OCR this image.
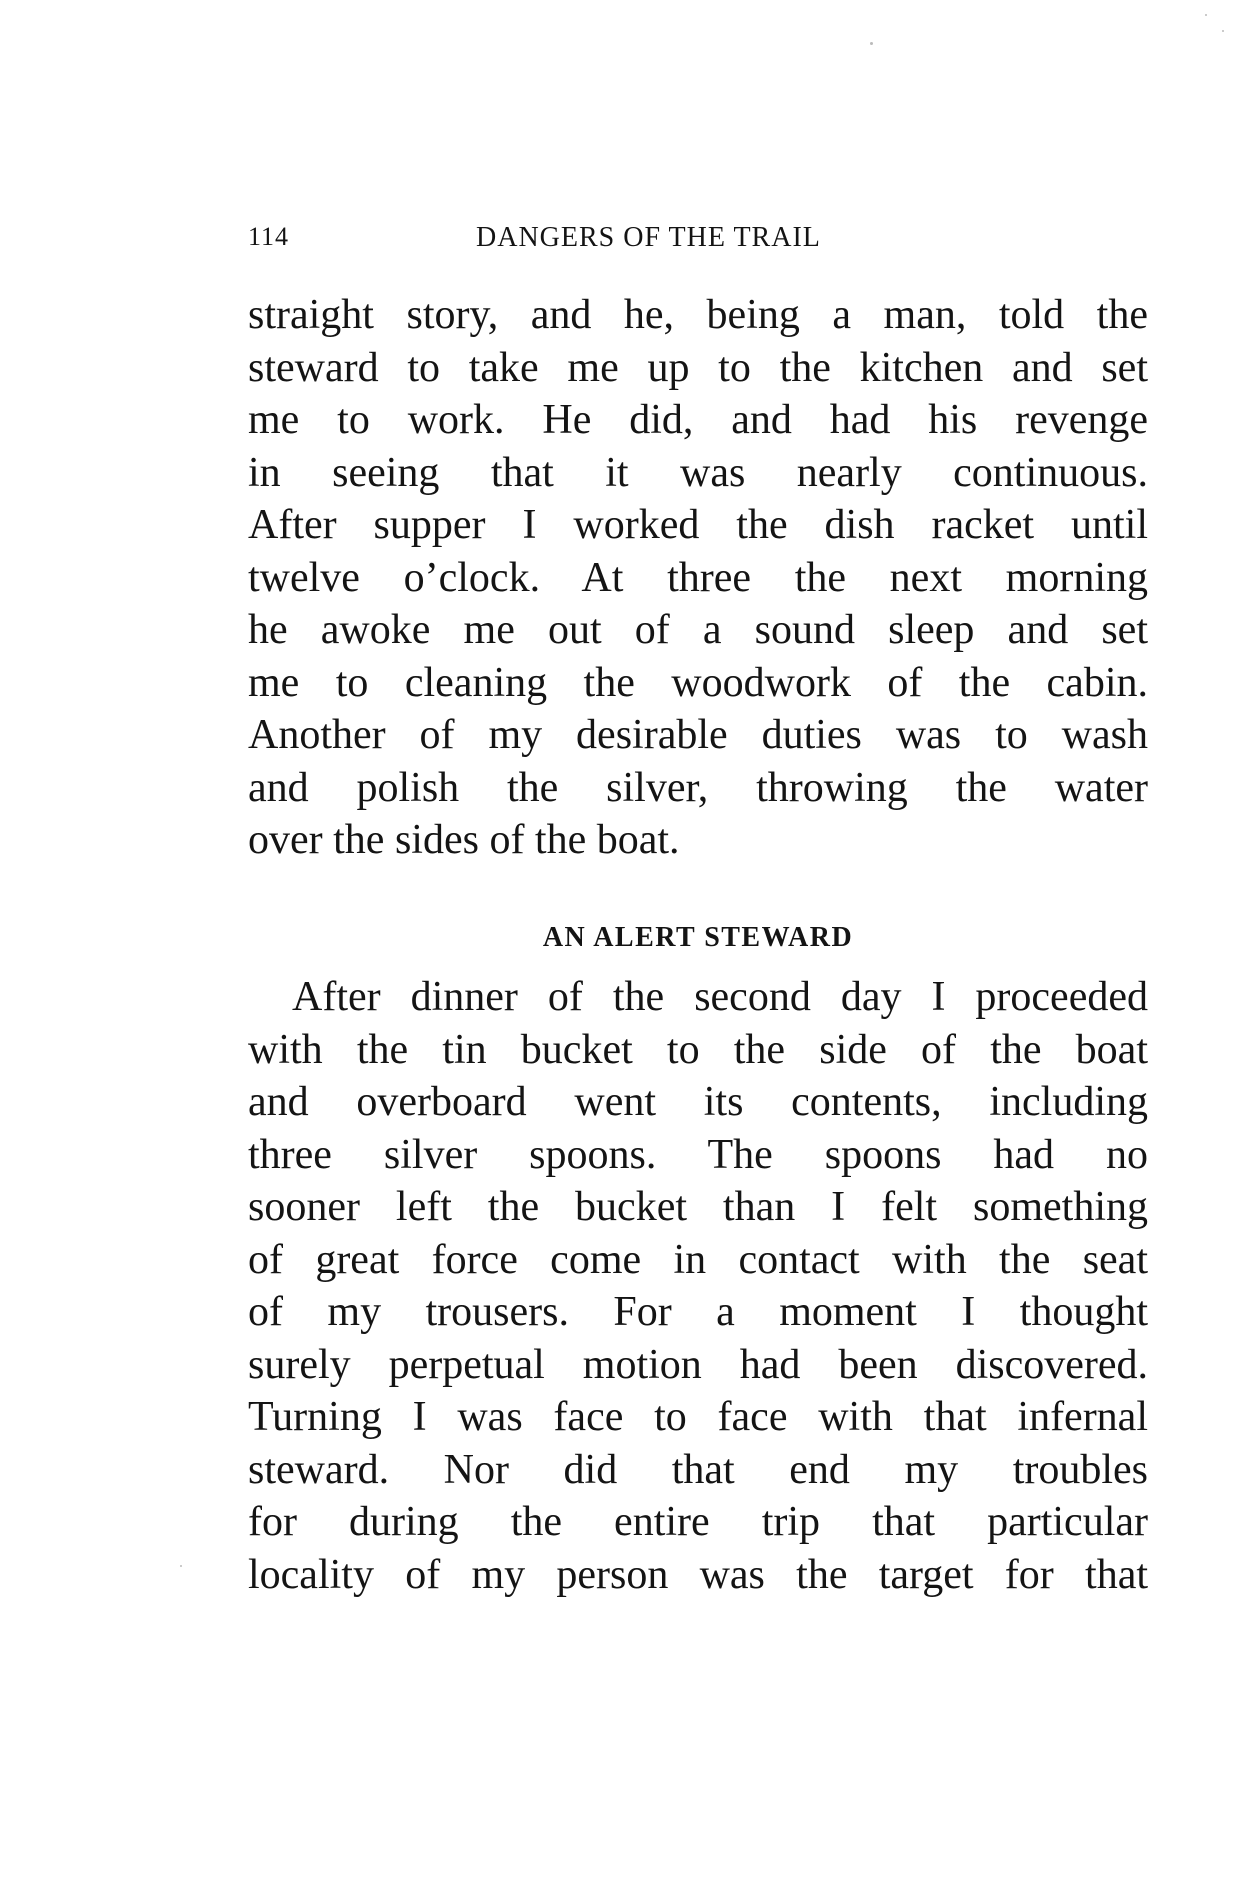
114	DANGERS OF THE TRAIL
straight story, and he, being a man, told the
steward to take me up to the kitchen and set
me to work. He did, and had his revenge
in seeing that it was nearly continuous.
After supper I worked the dish racket until
twelve o’clock. At three the next morning
he awoke me out of a sound sleep and set
me to cleaning the woodwork of the cabin.
Another of my desirable duties was to wash
and polish the silver, throwing the water
over the sides of the boat.
AN ALERT STEWARD
After dinner of the second day I proceeded
with the tin bucket to the side of the boat
and overboard went its contents, including
three silver spoons. The spoons had no
sooner left the bucket than I felt something
of great force come in contact with the seat
of my trousers. For a moment I thought
surely perpetual motion had been discovered.
Turning I was face to face with that infernal
steward. Nor did that end my troubles
for during the entire trip that particular
locality of my person was the target for that
